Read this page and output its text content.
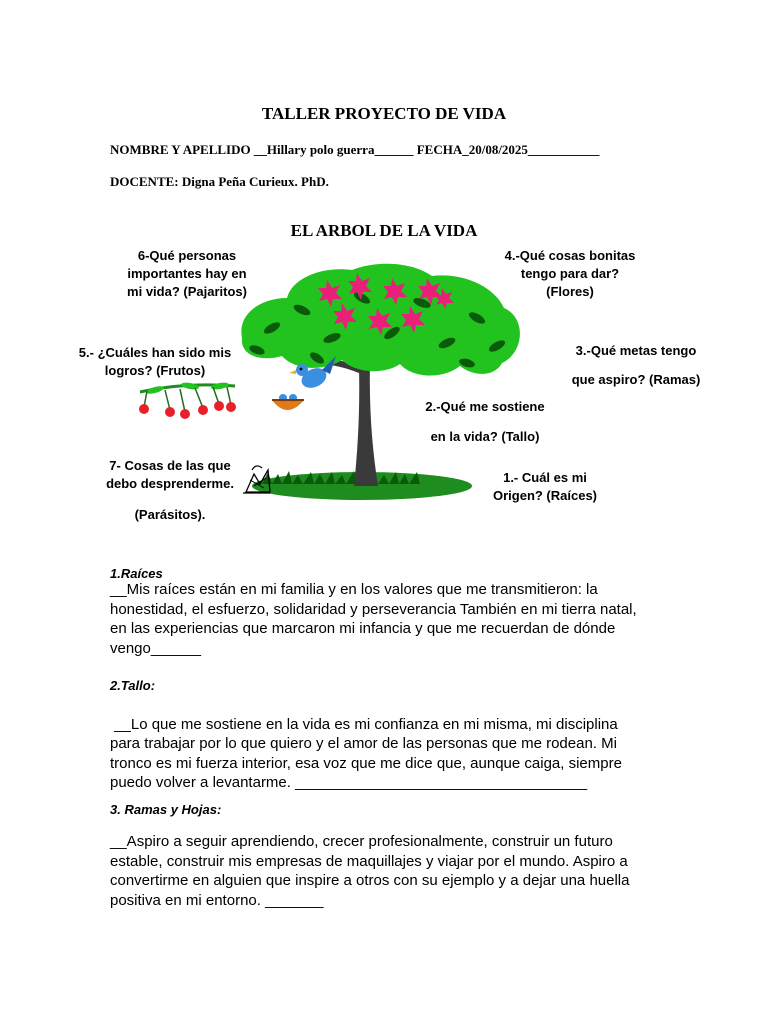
TALLER PROYECTO DE VIDA
NOMBRE Y APELLIDO __Hillary polo guerra______ FECHA_20/08/2025___________
DOCENTE: Digna Peña Curieux. PhD.
EL ARBOL DE LA VIDA
6-Qué personas
importantes hay en
mi vida? (Pajaritos)
4.-Qué cosas bonitas
tengo para dar?
(Flores)
3.-Qué metas tengo
que aspiro? (Ramas)
5.- ¿Cuáles han sido mis
logros? (Frutos)
2.-Qué me sostiene
en la vida? (Tallo)
7- Cosas de las que
debo desprenderme.
(Parásitos).
1.- Cuál es mi
Origen? (Raíces)
1.Raíces
__Mis raíces están en mi familia y en los valores que me transmitieron: la
honestidad, el esfuerzo, solidaridad y perseverancia También en mi tierra natal,
en las experiencias que marcaron mi infancia y que me recuerdan de dónde
vengo______
2.Tallo:

__Lo que me sostiene en la vida es mi confianza en mi misma, mi disciplina
para trabajar por lo que quiero y el amor de las personas que me rodean. Mi
tronco es mi fuerza interior, esa voz que me dice que, aunque caiga, siempre
puedo volver a levantarme. ___________________________________
3. Ramas y Hojas:
__Aspiro a seguir aprendiendo, crecer profesionalmente, construir un futuro
estable, construir mis empresas de maquillajes y viajar por el mundo. Aspiro a
convertirme en alguien que inspire a otros con su ejemplo y a dejar una huella
positiva en mi entorno. _______
